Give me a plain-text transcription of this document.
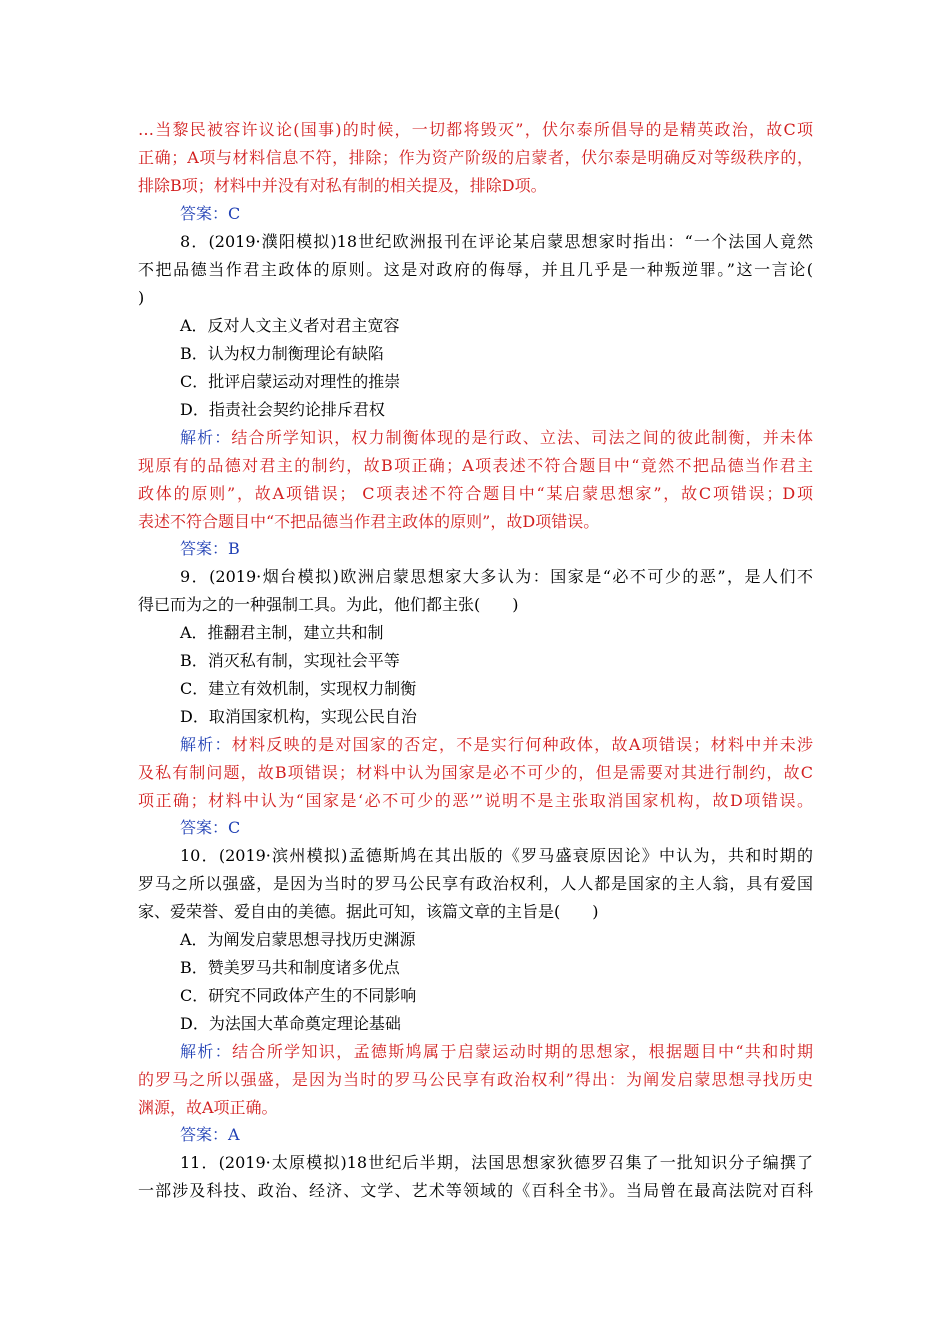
…当黎民被容许议论(国事)的时候，一切都将毁灭”，伏尔泰所倡导的是精英政治，故C项
正确；A项与材料信息不符，排除；作为资产阶级的启蒙者，伏尔泰是明确反对等级秩序的，
排除B项；材料中并没有对私有制的相关提及，排除D项。
答案：C
8．(2019·濮阳模拟)18世纪欧洲报刊在评论某启蒙思想家时指出：“一个法国人竟然
不把品德当作君主政体的原则。这是对政府的侮辱，并且几乎是一种叛逆罪。”这一言论(
)
A．反对人文主义者对君主宽容
B．认为权力制衡理论有缺陷
C．批评启蒙运动对理性的推崇
D．指责社会契约论排斥君权
解析：结合所学知识，权力制衡体现的是行政、立法、司法之间的彼此制衡，并未体
现原有的品德对君主的制约，故B项正确；A项表述不符合题目中“竟然不把品德当作君主
政体的原则”，故A项错误； C项表述不符合题目中“某启蒙思想家”，故C项错误；D项
表述不符合题目中“不把品德当作君主政体的原则”，故D项错误。
答案：B
9．(2019·烟台模拟)欧洲启蒙思想家大多认为：国家是“必不可少的恶”，是人们不
得已而为之的一种强制工具。为此，他们都主张(　　)
A．推翻君主制，建立共和制
B．消灭私有制，实现社会平等
C．建立有效机制，实现权力制衡
D．取消国家机构，实现公民自治
解析：材料反映的是对国家的否定，不是实行何种政体，故A项错误；材料中并未涉
及私有制问题，故B项错误；材料中认为国家是必不可少的，但是需要对其进行制约，故C
项正确；材料中认为“国家是‘必不可少的恶’”说明不是主张取消国家机构，故D项错误。
答案：C
10．(2019·滨州模拟)孟德斯鸠在其出版的《罗马盛衰原因论》中认为，共和时期的
罗马之所以强盛，是因为当时的罗马公民享有政治权利，人人都是国家的主人翁，具有爱国
家、爱荣誉、爱自由的美德。据此可知，该篇文章的主旨是(　　)
A．为阐发启蒙思想寻找历史渊源
B．赞美罗马共和制度诸多优点
C．研究不同政体产生的不同影响
D．为法国大革命奠定理论基础
解析：结合所学知识，孟德斯鸠属于启蒙运动时期的思想家，根据题目中“共和时期
的罗马之所以强盛，是因为当时的罗马公民享有政治权利”得出：为阐发启蒙思想寻找历史
渊源，故A项正确。
答案：A
11．(2019·太原模拟)18世纪后半期，法国思想家狄德罗召集了一批知识分子编撰了
一部涉及科技、政治、经济、文学、艺术等领域的《百科全书》。当局曾在最高法院对百科
